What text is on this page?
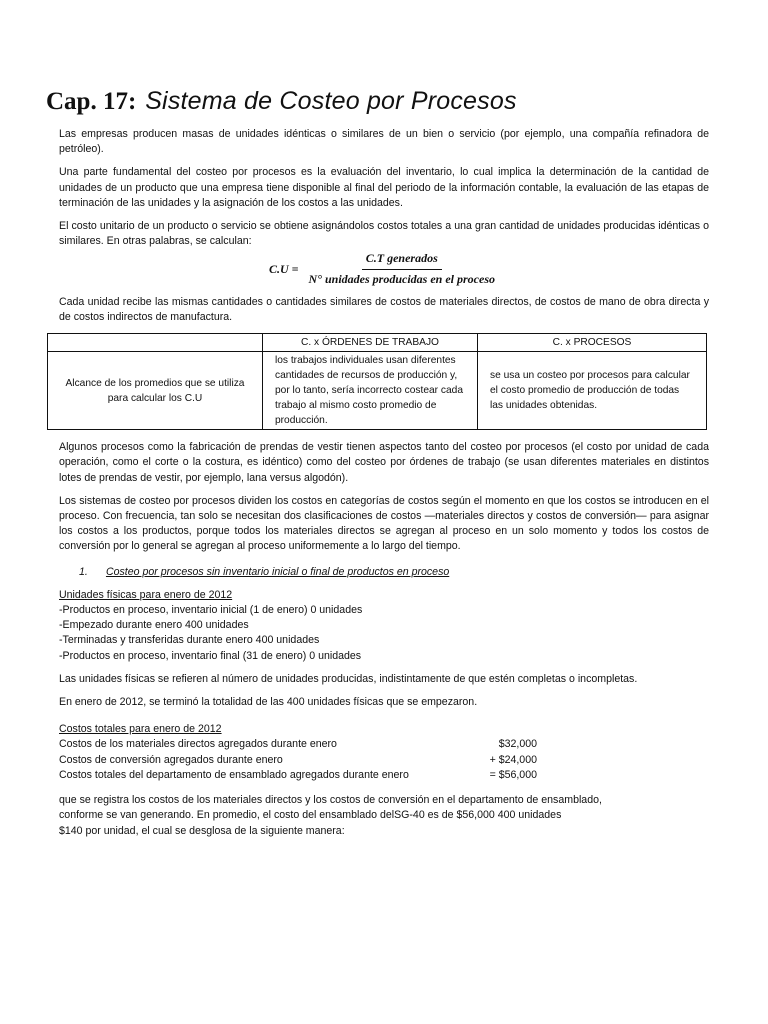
Cap. 17: Sistema de Costeo por Procesos

Las empresas producen masas de unidades idénticas o similares de un bien o servicio (por ejemplo, una compañía refinadora de petróleo).

Una parte fundamental del costeo por procesos es la evaluación del inventario, lo cual implica la determinación de la cantidad de unidades de un producto que una empresa tiene disponible al final del periodo de la información contable, la evaluación de las etapas de terminación de las unidades y la asignación de los costos a las unidades.

El costo unitario de un producto o servicio se obtiene asignándolos costos totales a una gran cantidad de unidades producidas idénticas o similares. En otras palabras, se calculan:

$C.U = \frac{\text{C.T generados}}{\text{N° unidades producidas en el proceso}}$

Cada unidad recibe las mismas cantidades o cantidades similares de costos de materiales directos, de costos de mano de obra directa y de costos indirectos de manufactura.

	C. x ÓRDENES DE TRABAJO	C. x PROCESOS
Alcance de los promedios que se utiliza para calcular los C.U	los trabajos individuales usan diferentes cantidades de recursos de producción y, por lo tanto, sería incorrecto costear cada trabajo al mismo costo promedio de producción.	se usa un costeo por procesos para calcular el costo promedio de producción de todas las unidades obtenidas.

Algunos procesos como la fabricación de prendas de vestir tienen aspectos tanto del costeo por procesos (el costo por unidad de cada operación, como el corte o la costura, es idéntico) como del costeo por órdenes de trabajo (se usan diferentes materiales en distintos lotes de prendas de vestir, por ejemplo, lana versus algodón).

Los sistemas de costeo por procesos dividen los costos en categorías de costos según el momento en que los costos se introducen en el proceso. Con frecuencia, tan solo se necesitan dos clasificaciones de costos —materiales directos y costos de conversión— para asignar los costos a los productos, porque todos los materiales directos se agregan al proceso en un solo momento y todos los costos de conversión por lo general se agregan al proceso uniformemente a lo largo del tiempo.

1. Costeo por procesos sin inventario inicial o final de productos en proceso
Unidades físicas para enero de 2012
-Productos en proceso, inventario inicial (1 de enero) 0 unidades
-Empezado durante enero 400 unidades
-Terminadas y transferidas durante enero 400 unidades
-Productos en proceso, inventario final (31 de enero) 0 unidades

Las unidades físicas se refieren al número de unidades producidas, indistintamente de que estén completas o incompletas.

En enero de 2012, se terminó la totalidad de las 400 unidades físicas que se empezaron.

Costos totales para enero de 2012
Costos de los materiales directos agregados durante enero	$32,000
Costos de conversión agregados durante enero	+ $24,000
Costos totales del departamento de ensamblado agregados durante enero	= $56,000
que se registra los costos de los materiales directos y los costos de conversión en el departamento de ensamblado,
conforme se van generando. En promedio, el costo del ensamblado delSG-40 es de $56,000 400 unidades
$140 por unidad, el cual se desglosa de la siguiente manera:
